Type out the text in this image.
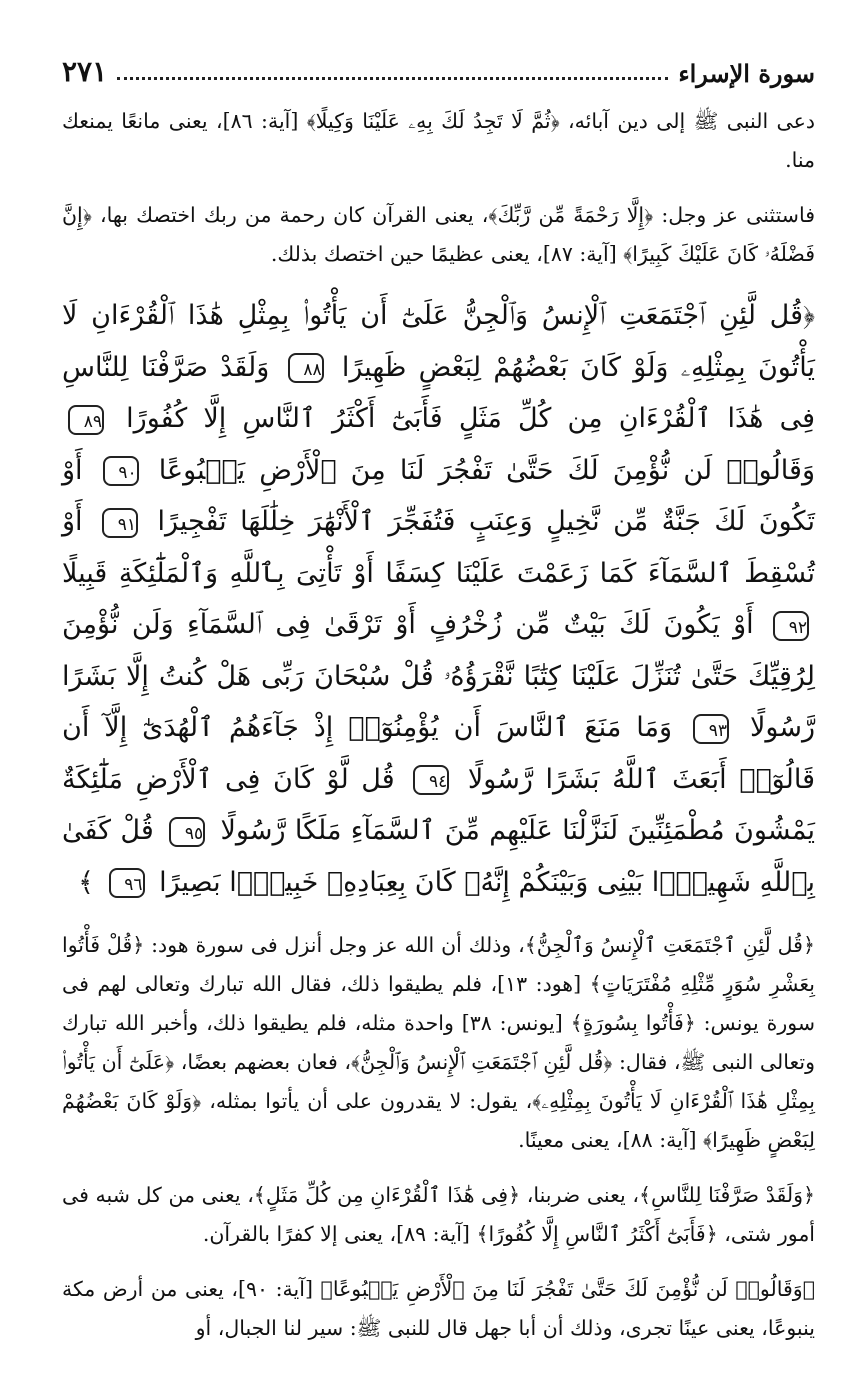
سورة الإسراء
٢٧١

دعى النبى ﷺ إلى دين آبائه، ﴿ثُمَّ لَا تَجِدُ لَكَ بِهِۦ عَلَيْنَا وَكِيلًا﴾ [آية: ٨٦]، يعنى مانعًا يمنعك منا.

فاستثنى عز وجل: ﴿إِلَّا رَحْمَةً مِّن رَّبِّكَ﴾، يعنى القرآن كان رحمة من ربك اختصك بها، ﴿إِنَّ فَضْلَهُۥ كَانَ عَلَيْكَ كَبِيرًا﴾ [آية: ٨٧]، يعنى عظيمًا حين اختصك بذلك.

﴿قُل لَّئِنِ ٱجْتَمَعَتِ ٱلْإِنسُ وَٱلْجِنُّ عَلَىٰٓ أَن يَأْتُوا۟ بِمِثْلِ هَٰذَا ٱلْقُرْءَانِ لَا يَأْتُونَ بِمِثْلِهِۦ وَلَوْ كَانَ بَعْضُهُمْ لِبَعْضٍ ظَهِيرًا ٨٨ وَلَقَدْ صَرَّفْنَا لِلنَّاسِ فِى هَٰذَا ٱلْقُرْءَانِ مِن كُلِّ مَثَلٍ فَأَبَىٰٓ أَكْثَرُ ٱلنَّاسِ إِلَّا كُفُورًا ٨٩ وَقَالُوا۟ لَن نُّؤْمِنَ لَكَ حَتَّىٰ تَفْجُرَ لَنَا مِنَ ٱلْأَرْضِ يَنۢبُوعًا ٩٠ أَوْ تَكُونَ لَكَ جَنَّةٌ مِّن نَّخِيلٍ وَعِنَبٍ فَتُفَجِّرَ ٱلْأَنْهَٰرَ خِلَٰلَهَا تَفْجِيرًا ٩١ أَوْ تُسْقِطَ ٱلسَّمَآءَ كَمَا زَعَمْتَ عَلَيْنَا كِسَفًا أَوْ تَأْتِىَ بِٱللَّهِ وَٱلْمَلَٰٓئِكَةِ قَبِيلًا ٩٢ أَوْ يَكُونَ لَكَ بَيْتٌ مِّن زُخْرُفٍ أَوْ تَرْقَىٰ فِى ٱلسَّمَآءِ وَلَن نُّؤْمِنَ لِرُقِيِّكَ حَتَّىٰ تُنَزِّلَ عَلَيْنَا كِتَٰبًا نَّقْرَؤُهُۥ قُلْ سُبْحَانَ رَبِّى هَلْ كُنتُ إِلَّا بَشَرًا رَّسُولًا ٩٣ وَمَا مَنَعَ ٱلنَّاسَ أَن يُؤْمِنُوٓا۟ إِذْ جَآءَهُمُ ٱلْهُدَىٰٓ إِلَّآ أَن قَالُوٓا۟ أَبَعَثَ ٱللَّهُ بَشَرًا رَّسُولًا ٩٤ قُل لَّوْ كَانَ فِى ٱلْأَرْضِ مَلَٰٓئِكَةٌ يَمْشُونَ مُطْمَئِنِّينَ لَنَزَّلْنَا عَلَيْهِم مِّنَ ٱلسَّمَآءِ مَلَكًا رَّسُولًا ٩٥ قُلْ كَفَىٰ بِٱللَّهِ شَهِيدًۢا بَيْنِى وَبَيْنَكُمْ إِنَّهُۥ كَانَ بِعِبَادِهِۦ خَبِيرًۢا بَصِيرًا ٩٦ ﴾

﴿قُل لَّئِنِ ٱجْتَمَعَتِ ٱلْإِنسُ وَٱلْجِنُّ﴾، وذلك أن الله عز وجل أنزل فى سورة هود: ﴿قُلْ فَأْتُوا بِعَشْرِ سُوَرٍ مِّثْلِهِ مُفْتَرَيَاتٍ﴾ [هود: ١٣]، فلم يطيقوا ذلك، فقال الله تبارك وتعالى لهم فى سورة يونس: ﴿فَأْتُوا بِسُورَةٍ﴾ [يونس: ٣٨] واحدة مثله، فلم يطيقوا ذلك، وأخبر الله تبارك وتعالى النبى ﷺ، فقال: ﴿قُل لَّئِنِ ٱجْتَمَعَتِ ٱلْإِنسُ وَٱلْجِنُّ﴾، فعان بعضهم بعضًا، ﴿عَلَىٰٓ أَن يَأْتُوا۟ بِمِثْلِ هَٰذَا ٱلْقُرْءَانِ لَا يَأْتُونَ بِمِثْلِهِۦ﴾، يقول: لا يقدرون على أن يأتوا بمثله، ﴿وَلَوْ كَانَ بَعْضُهُمْ لِبَعْضٍ ظَهِيرًا﴾ [آية: ٨٨]، يعنى معينًا.

﴿وَلَقَدْ صَرَّفْنَا لِلنَّاسِ﴾، يعنى ضربنا، ﴿فِى هَٰذَا ٱلْقُرْءَانِ مِن كُلِّ مَثَلٍ﴾، يعنى من كل شبه فى أمور شتى، ﴿فَأَبَىٰٓ أَكْثَرُ ٱلنَّاسِ إِلَّا كُفُورًا﴾ [آية: ٨٩]، يعنى إلا كفرًا بالقرآن.

﴿وَقَالُوا۟ لَن نُّؤْمِنَ لَكَ حَتَّىٰ تَفْجُرَ لَنَا مِنَ ٱلْأَرْضِ يَنۢبُوعًا﴾ [آية: ٩٠]، يعنى من أرض مكة ينبوعًا، يعنى عينًا تجرى، وذلك أن أبا جهل قال للنبى ﷺ: سير لنا الجبال، أو
